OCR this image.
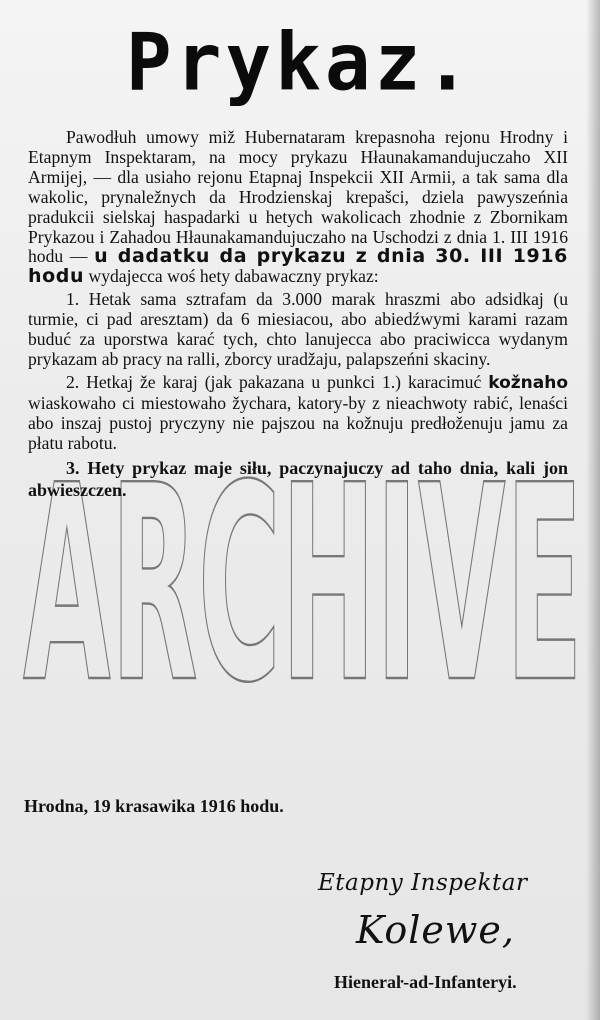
Prykaz.

Pawodłuh umowy miž Hubernataram krepasnoha rejonu Hrodny i Etapnym Inspektaram, na mocy prykazu Hłaunakamandujuczaho XII Armijej, — dla usiaho rejonu Etapnaj Inspekcii XII Armii, a tak sama dla wakolic, prynaležnych da Hrodzienskaj krepašci, dziela pawyszeńnia pradukcii sielskaj haspadarki u hetych wakolicach zhodnie z Zbornikam Prykazou i Zahadou Hłaunakamandujuczaho na Uschodzi z dnia 1. III 1916 hodu — u dadatku da prykazu z dnia 30. III 1916 hodu wydajecca woś hety dabawaczny prykaz:

1. Hetak sama sztrafam da 3.000 marak hraszmi abo adsidkaj (u turmie, ci pad aresztam) da 6 miesiacou, abo abiedźwymi karami razam buduć za uporstwa karać tych, chto lanujecca abo praciwicca wydanym prykazam ab pracy na ralli, zborcy uradžaju, palapszeńni skaciny.

2. Hetkaj že karaj (jak pakazana u punkci 1.) karacimuć kožnaho wiaskowaho ci miestowaho žychara, katory-by z nieachwoty rabić, lenaści abo inszaj pustoj pryczyny nie pajszou na kožnuju predłoženuju jamu za płatu rabotu.

3. Hety prykaz maje siłu, paczynajuczy ad taho dnia, kali jon abwieszczen.

ARCHIVE
Hrodna, 19 krasawika 1916 hodu.
Etapny Inspektar
Kolewe,
Hieneraŀ-ad-Infanteryi.
